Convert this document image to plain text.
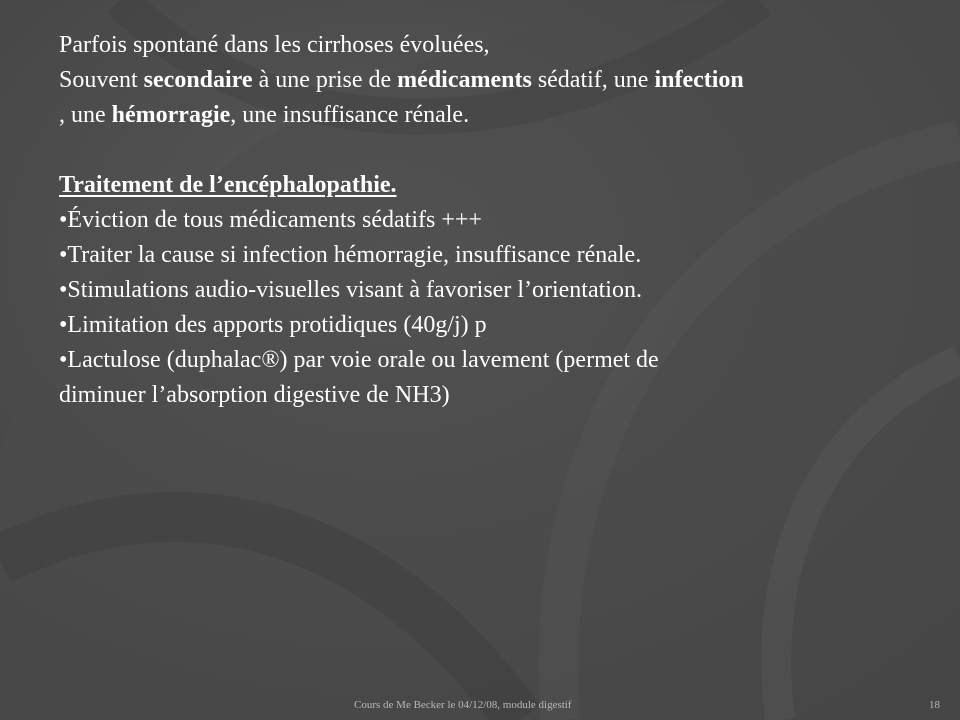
Parfois spontané dans les cirrhoses évoluées,
Souvent secondaire à une prise de médicaments sédatif, une infection
, une hémorragie, une insuffisance rénale.
Traitement de l’encéphalopathie.
•Éviction de tous médicaments sédatifs +++
•Traiter la cause si infection hémorragie, insuffisance rénale.
•Stimulations audio-visuelles visant à favoriser l’orientation.
•Limitation des apports protidiques (40g/j) p
•Lactulose (duphalac®) par voie orale ou lavement (permet de
diminuer l’absorption digestive de NH3)
Cours de Me Becker le 04/12/08, module digestif	18
